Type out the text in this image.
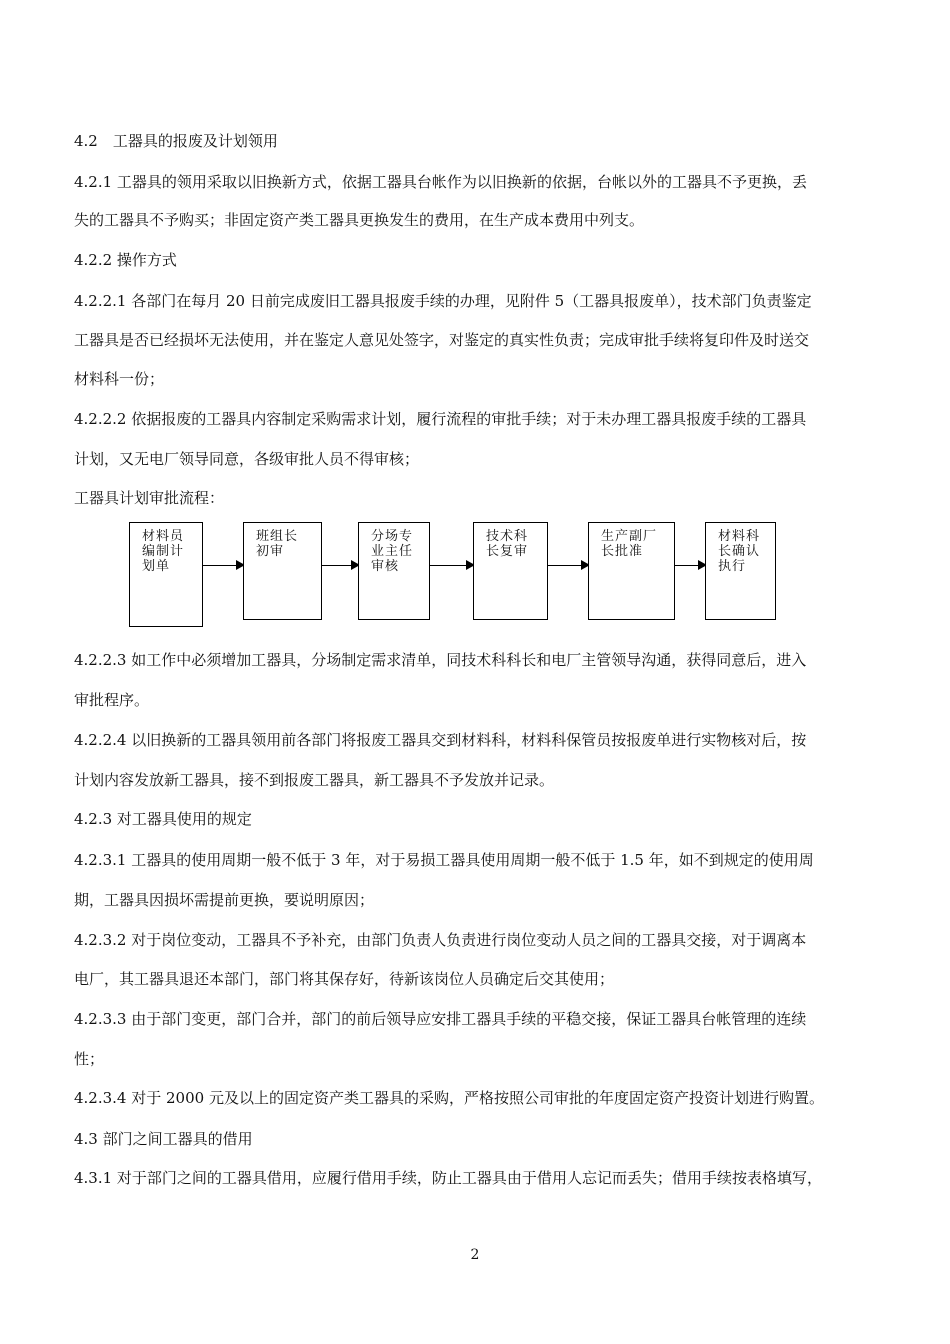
4.2　工器具的报废及计划领用
4.2.1 工器具的领用采取以旧换新方式，依据工器具台帐作为以旧换新的依据，台帐以外的工器具不予更换，丢
失的工器具不予购买；非固定资产类工器具更换发生的费用，在生产成本费用中列支。
4.2.2 操作方式
4.2.2.1 各部门在每月 20 日前完成废旧工器具报废手续的办理，见附件 5（工器具报废单），技术部门负责鉴定
工器具是否已经损坏无法使用，并在鉴定人意见处签字，对鉴定的真实性负责；完成审批手续将复印件及时送交
材料科一份；
4.2.2.2 依据报废的工器具内容制定采购需求计划，履行流程的审批手续；对于未办理工器具报废手续的工器具
计划，又无电厂领导同意，各级审批人员不得审核；
工器具计划审批流程：
材料员
编制计
划单
班组长
初审
分场专
业主任
审核
技术科
长复审
生产副厂
长批准
材料科
长确认
执行
4.2.2.3 如工作中必须增加工器具，分场制定需求清单，同技术科科长和电厂主管领导沟通，获得同意后，进入
审批程序。
4.2.2.4 以旧换新的工器具领用前各部门将报废工器具交到材料科，材料科保管员按报废单进行实物核对后，按
计划内容发放新工器具，接不到报废工器具，新工器具不予发放并记录。
4.2.3 对工器具使用的规定
4.2.3.1 工器具的使用周期一般不低于 3 年，对于易损工器具使用周期一般不低于 1.5 年，如不到规定的使用周
期，工器具因损坏需提前更换，要说明原因；
4.2.3.2 对于岗位变动，工器具不予补充，由部门负责人负责进行岗位变动人员之间的工器具交接，对于调离本
电厂，其工器具退还本部门，部门将其保存好，待新该岗位人员确定后交其使用；
4.2.3.3 由于部门变更，部门合并，部门的前后领导应安排工器具手续的平稳交接，保证工器具台帐管理的连续
性；
4.2.3.4 对于 2000 元及以上的固定资产类工器具的采购，严格按照公司审批的年度固定资产投资计划进行购置。
4.3 部门之间工器具的借用
4.3.1 对于部门之间的工器具借用，应履行借用手续，防止工器具由于借用人忘记而丢失；借用手续按表格填写，
2
